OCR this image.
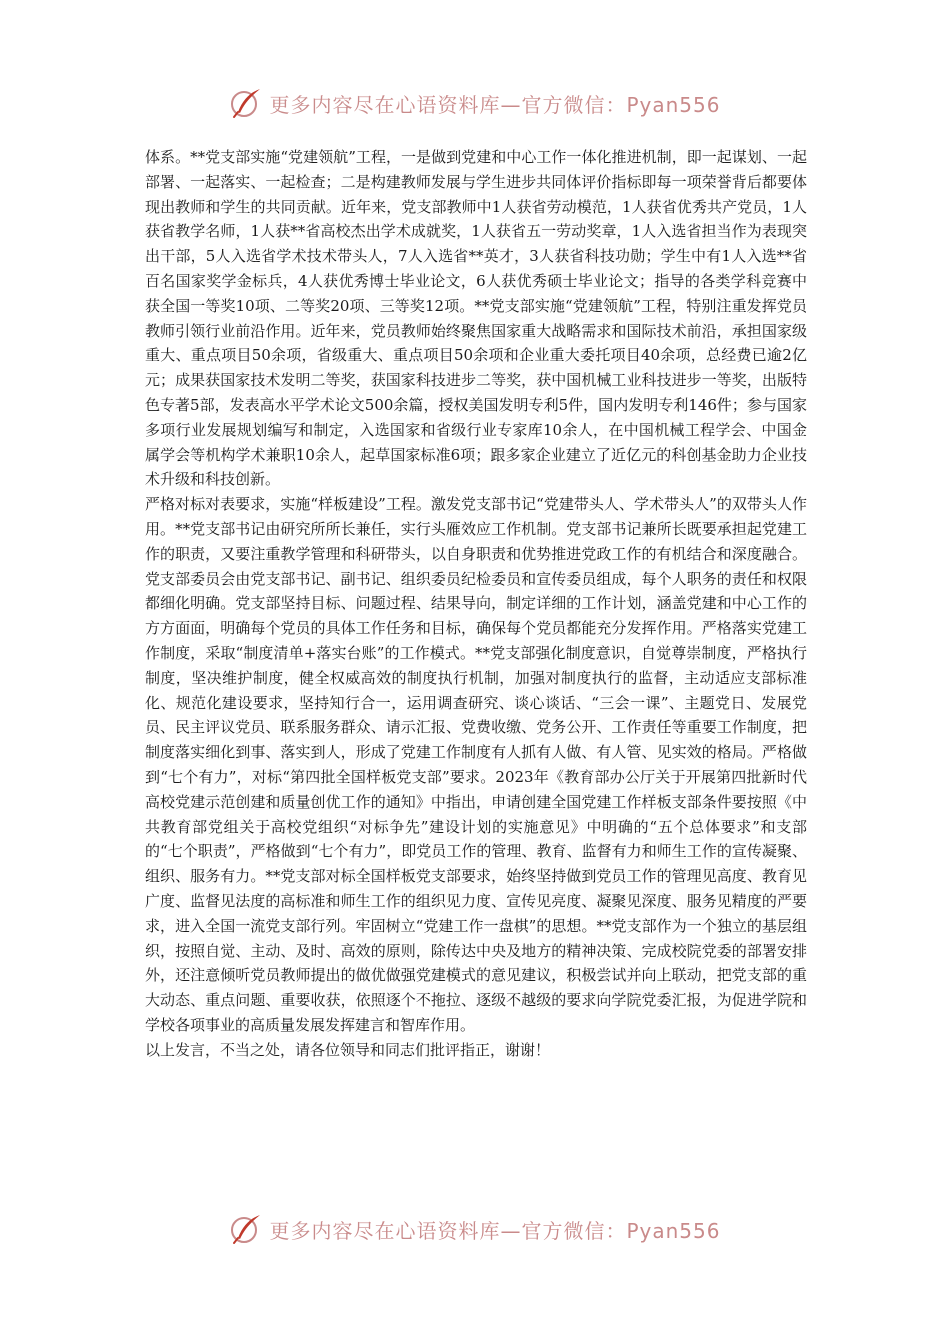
更多内容尽在心语资料库—官方微信：Pyan556

体系。**党支部实施“党建领航”工程，一是做到党建和中心工作一体化推进机制，即一起谋划、一起部署、一起落实、一起检查；二是构建教师发展与学生进步共同体评价指标即每一项荣誉背后都要体现出教师和学生的共同贡献。近年来，党支部教师中1人获省劳动模范，1人获省优秀共产党员，1人获省教学名师，1人获**省高校杰出学术成就奖，1人获省五一劳动奖章，1人入选省担当作为表现突出干部，5人入选省学术技术带头人，7人入选省**英才，3人获省科技功勋；学生中有1人入选**省百名国家奖学金标兵，4人获优秀博士毕业论文，6人获优秀硕士毕业论文；指导的各类学科竞赛中获全国一等奖10项、二等奖20项、三等奖12项。**党支部实施“党建领航”工程，特别注重发挥党员教师引领行业前沿作用。近年来，党员教师始终聚焦国家重大战略需求和国际技术前沿，承担国家级重大、重点项目50余项，省级重大、重点项目50余项和企业重大委托项目40余项，总经费已逾2亿元；成果获国家技术发明二等奖，获国家科技进步二等奖，获中国机械工业科技进步一等奖，出版特色专著5部，发表高水平学术论文500余篇，授权美国发明专利5件，国内发明专利146件；参与国家多项行业发展规划编写和制定，入选国家和省级行业专家库10余人，在中国机械工程学会、中国金属学会等机构学术兼职10余人，起草国家标准6项；跟多家企业建立了近亿元的科创基金助力企业技术升级和科技创新。

严格对标对表要求，实施“样板建设”工程。激发党支部书记“党建带头人、学术带头人”的双带头人作用。**党支部书记由研究所所长兼任，实行头雁效应工作机制。党支部书记兼所长既要承担起党建工作的职责，又要注重教学管理和科研带头，以自身职责和优势推进党政工作的有机结合和深度融合。党支部委员会由党支部书记、副书记、组织委员纪检委员和宣传委员组成，每个人职务的责任和权限都细化明确。党支部坚持目标、问题过程、结果导向，制定详细的工作计划，涵盖党建和中心工作的方方面面，明确每个党员的具体工作任务和目标，确保每个党员都能充分发挥作用。严格落实党建工作制度，采取“制度清单+落实台账”的工作模式。**党支部强化制度意识，自觉尊崇制度，严格执行制度，坚决维护制度，健全权威高效的制度执行机制，加强对制度执行的监督，主动适应支部标准化、规范化建设要求，坚持知行合一，运用调查研究、谈心谈话、“三会一课”、主题党日、发展党员、民主评议党员、联系服务群众、请示汇报、党费收缴、党务公开、工作责任等重要工作制度，把制度落实细化到事、落实到人，形成了党建工作制度有人抓有人做、有人管、见实效的格局。严格做到“七个有力”，对标“第四批全国样板党支部”要求。2023年《教育部办公厅关于开展第四批新时代高校党建示范创建和质量创优工作的通知》中指出，申请创建全国党建工作样板支部条件要按照《中共教育部党组关于高校党组织“对标争先”建设计划的实施意见》中明确的“五个总体要求”和支部的“七个职责”，严格做到“七个有力”，即党员工作的管理、教育、监督有力和师生工作的宣传凝聚、组织、服务有力。**党支部对标全国样板党支部要求，始终坚持做到党员工作的管理见高度、教育见广度、监督见法度的高标准和师生工作的组织见力度、宣传见亮度、凝聚见深度、服务见精度的严要求，进入全国一流党支部行列。牢固树立“党建工作一盘棋”的思想。**党支部作为一个独立的基层组织，按照自觉、主动、及时、高效的原则，除传达中央及地方的精神决策、完成校院党委的部署安排外，还注意倾听党员教师提出的做优做强党建模式的意见建议，积极尝试并向上联动，把党支部的重大动态、重点问题、重要收获，依照逐个不拖拉、逐级不越级的要求向学院党委汇报，为促进学院和学校各项事业的高质量发展发挥建言和智库作用。

以上发言，不当之处，请各位领导和同志们批评指正，谢谢！

更多内容尽在心语资料库—官方微信：Pyan556
